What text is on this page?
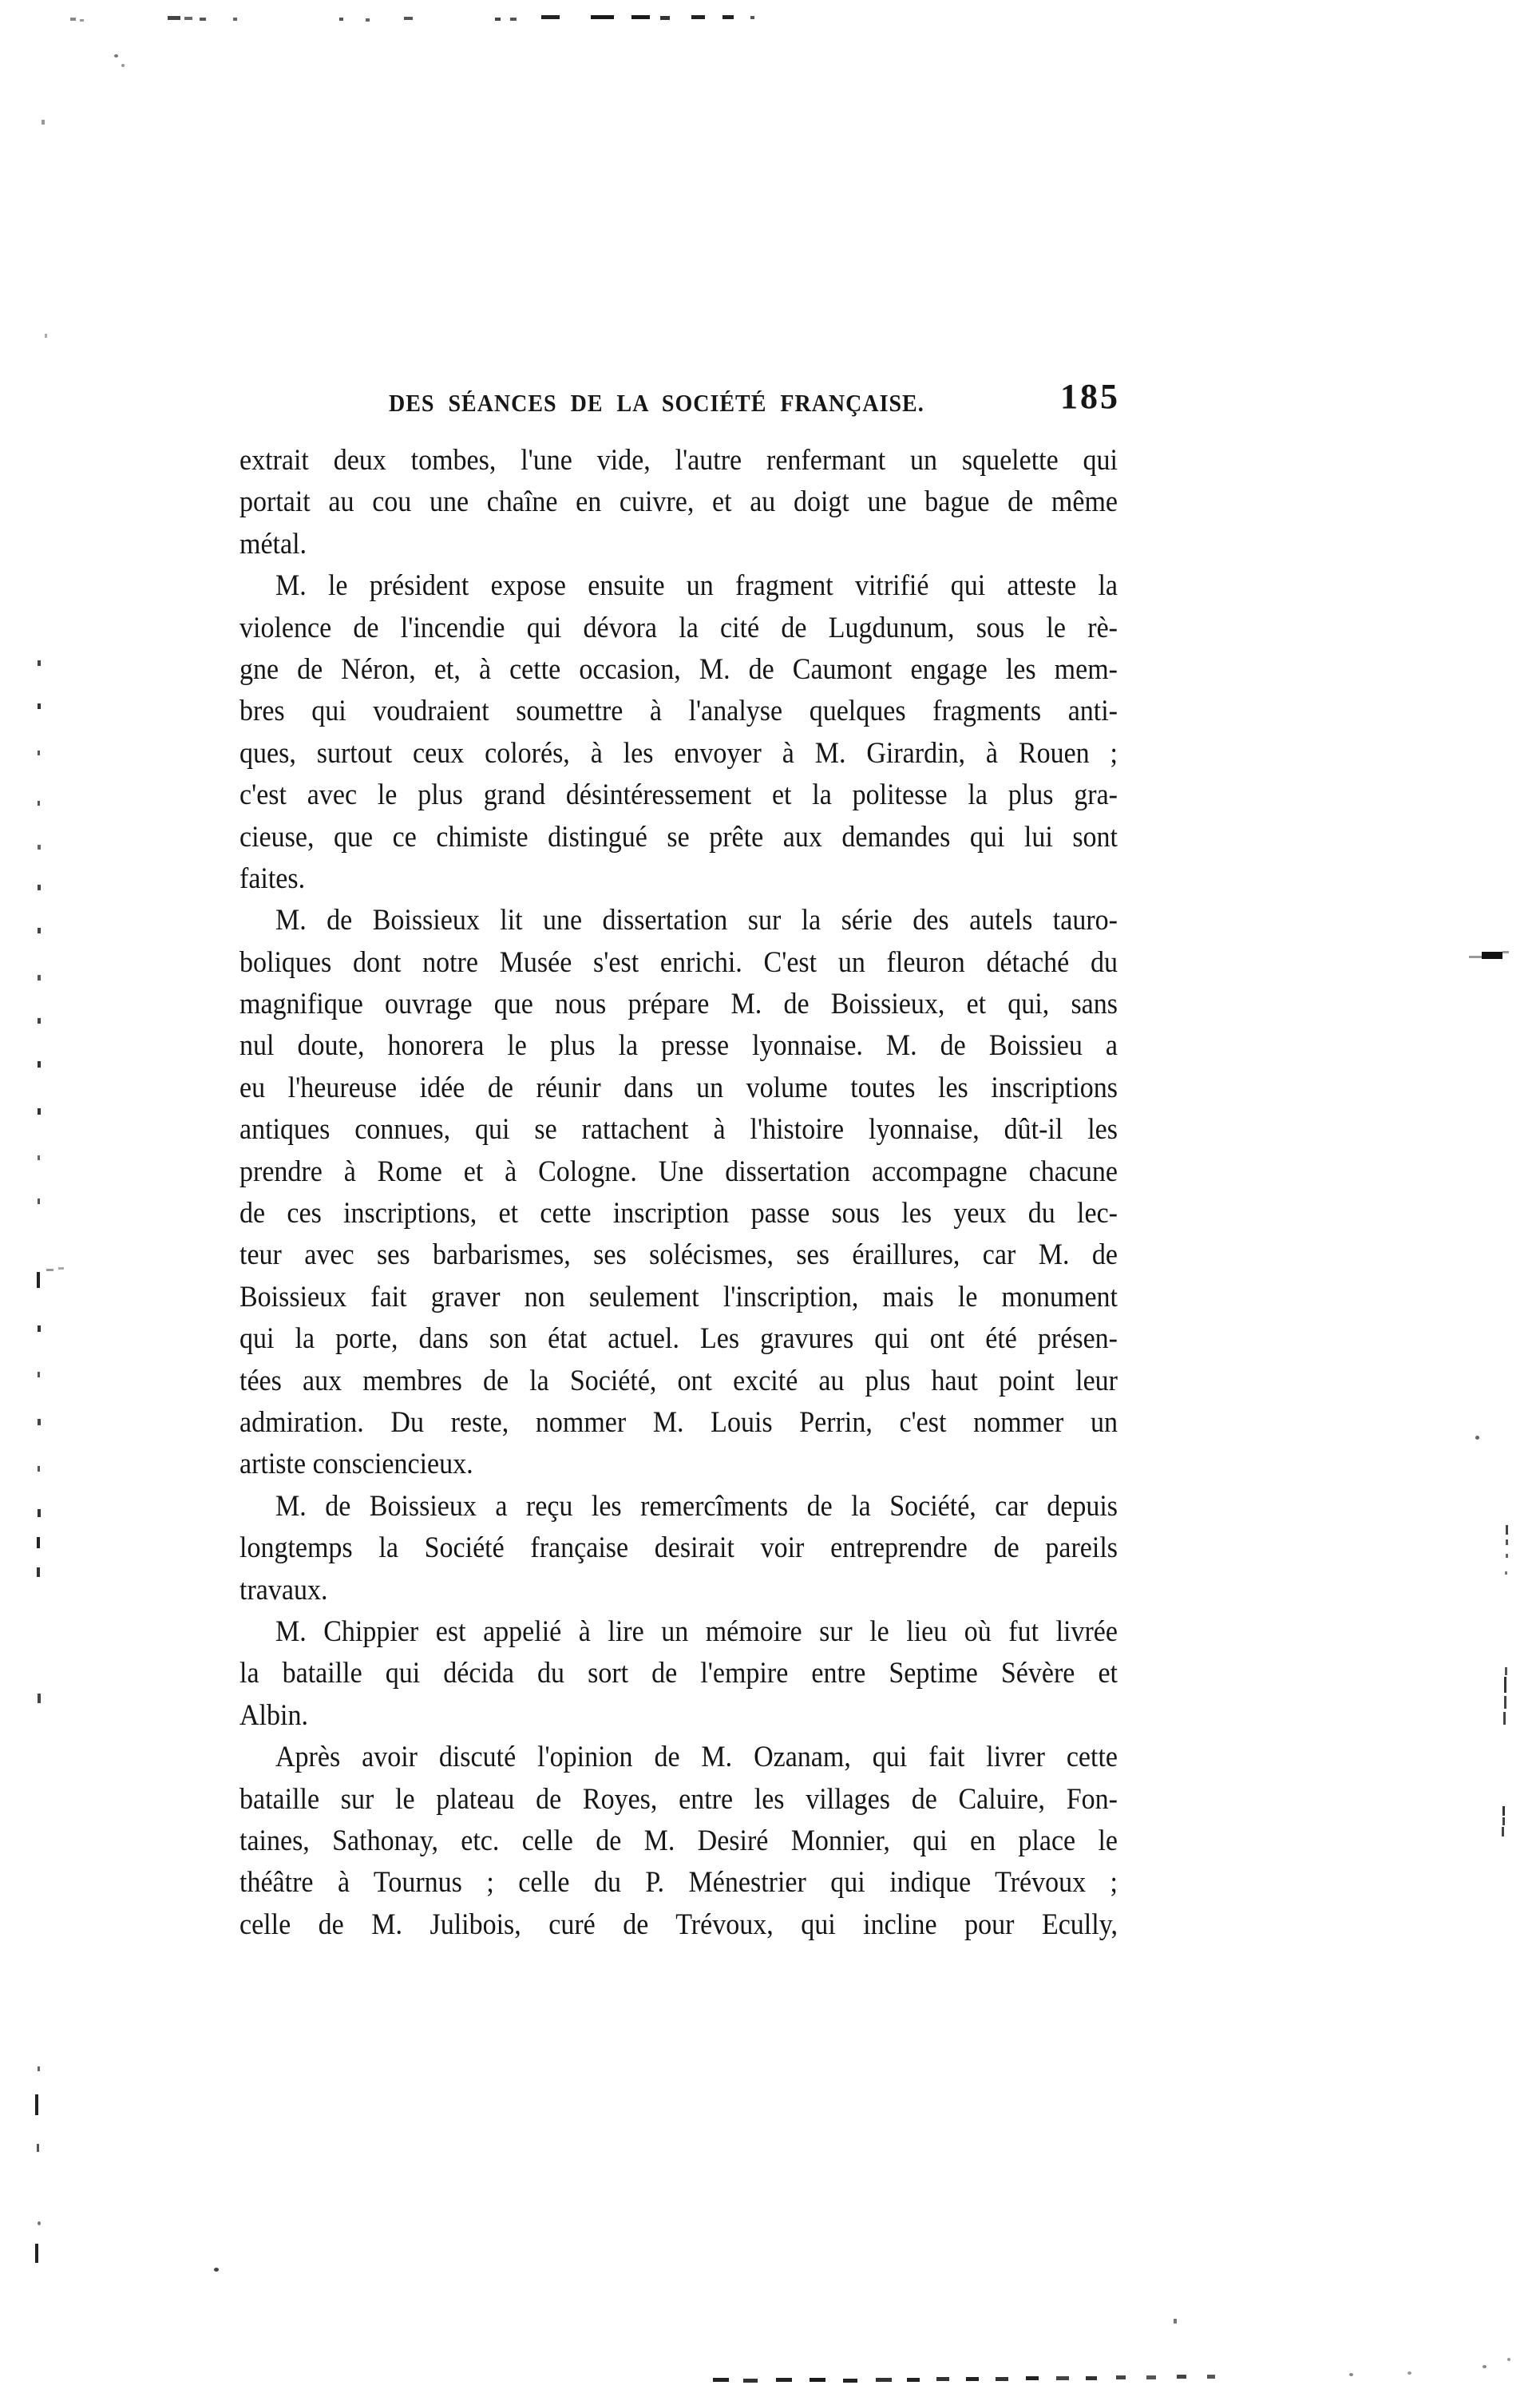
DES SÉANCES DE LA SOCIÉTÉ FRANÇAISE.	185
extrait deux tombes, l'une vide, l'autre renfermant un squelette qui
portait au cou une chaîne en cuivre, et au doigt une bague de même
métal.
M. le président expose ensuite un fragment vitrifié qui atteste la
violence de l'incendie qui dévora la cité de Lugdunum, sous le rè-
gne de Néron, et, à cette occasion, M. de Caumont engage les mem-
bres qui voudraient soumettre à l'analyse quelques fragments anti-
ques, surtout ceux colorés, à les envoyer à M. Girardin, à Rouen ;
c'est avec le plus grand désintéressement et la politesse la plus gra-
cieuse, que ce chimiste distingué se prête aux demandes qui lui sont
faites.
M. de Boissieux lit une dissertation sur la série des autels tauro-
boliques dont notre Musée s'est enrichi. C'est un fleuron détaché du
magnifique ouvrage que nous prépare M. de Boissieux, et qui, sans
nul doute, honorera le plus la presse lyonnaise. M. de Boissieu a
eu l'heureuse idée de réunir dans un volume toutes les inscriptions
antiques connues, qui se rattachent à l'histoire lyonnaise, dût-il les
prendre à Rome et à Cologne. Une dissertation accompagne chacune
de ces inscriptions, et cette inscription passe sous les yeux du lec-
teur avec ses barbarismes, ses solécismes, ses éraillures, car M. de
Boissieux fait graver non seulement l'inscription, mais le monument
qui la porte, dans son état actuel. Les gravures qui ont été présen-
tées aux membres de la Société, ont excité au plus haut point leur
admiration. Du reste, nommer M. Louis Perrin, c'est nommer un
artiste consciencieux.
M. de Boissieux a reçu les remercîments de la Société, car depuis
longtemps la Société française desirait voir entreprendre de pareils
travaux.
M. Chippier est appelié à lire un mémoire sur le lieu où fut livrée
la bataille qui décida du sort de l'empire entre Septime Sévère et
Albin.
Après avoir discuté l'opinion de M. Ozanam, qui fait livrer cette
bataille sur le plateau de Royes, entre les villages de Caluire, Fon-
taines, Sathonay, etc. celle de M. Desiré Monnier, qui en place le
théâtre à Tournus ; celle du P. Ménestrier qui indique Trévoux ;
celle de M. Julibois, curé de Trévoux, qui incline pour Ecully,
